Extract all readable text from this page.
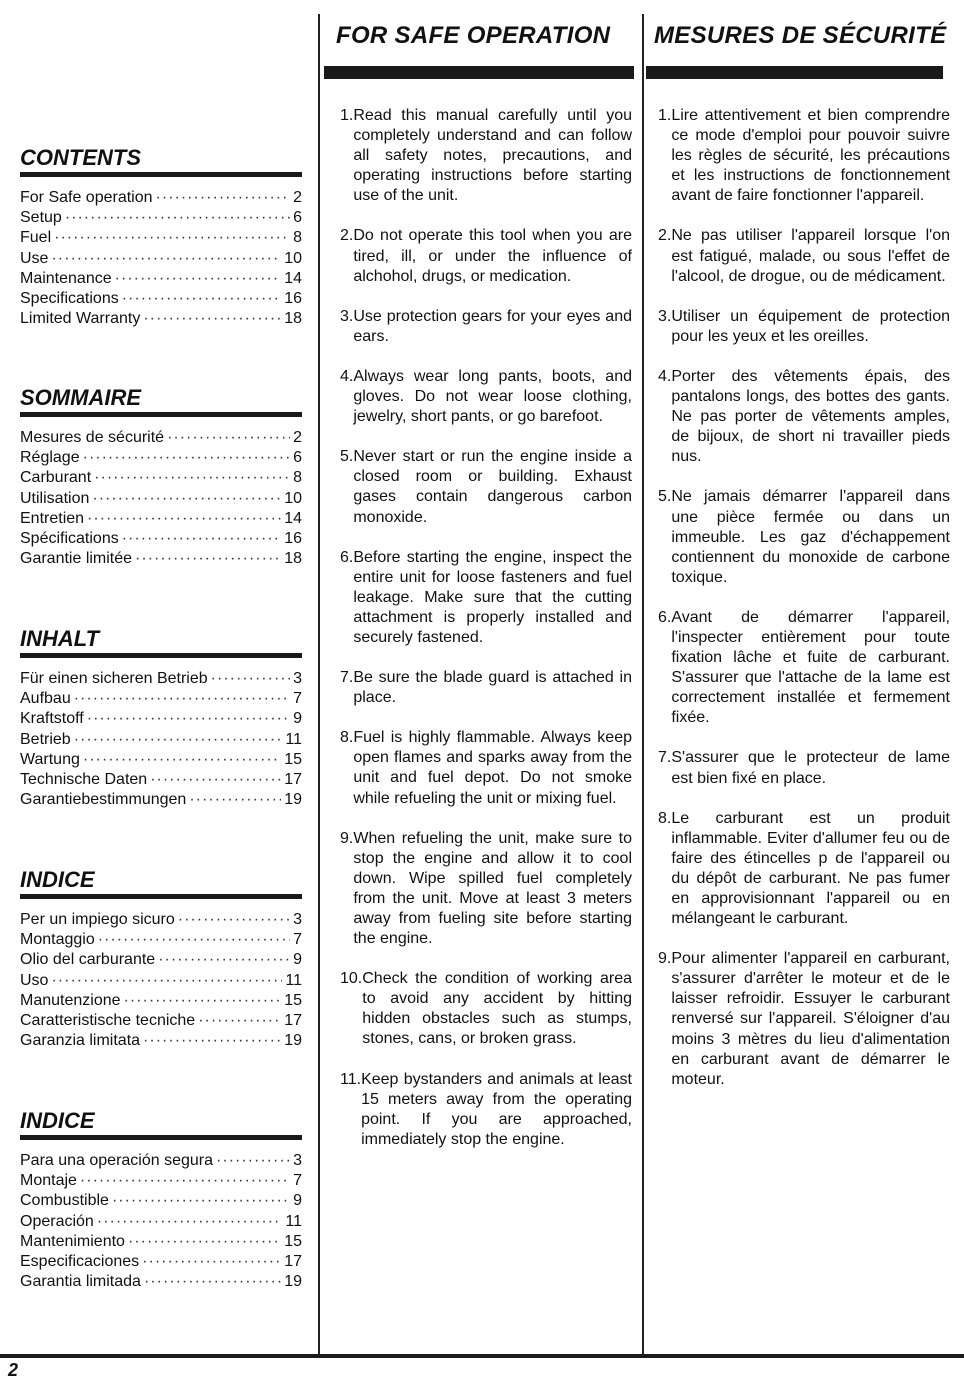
FOR SAFE OPERATION MESURES DE SÉCURITÉ
CONTENTS
For Safe operation ·····	2
Setup ·····	6
Fuel ·····	8
Use ·····	10
Maintenance ·····	14
Specifications ·····	16
Limited Warranty ·····	18
SOMMAIRE
Mesures de sécurité ·····	2
Réglage ·····	6
Carburant ·····	8
Utilisation ·····	10
Entretien ·····	14
Spécifications ·····	16
Garantie limitée ·····	18
INHALT
Für einen sicheren Betrieb ·····	3
Aufbau ·····	7
Kraftstoff ·····	9
Betrieb ·····	11
Wartung ·····	15
Technische Daten ·····	17
Garantiebestimmungen ·····	19
INDICE
Per un impiego sicuro ·····	3
Montaggio ·····	7
Olio del carburante ·····	9
Uso ·····	11
Manutenzione ·····	15
Caratteristische tecniche ·····	17
Garanzia limitata ·····	19
INDICE
Para una operación segura ·····	3
Montaje ·····	7
Combustible ·····	9
Operación ·····	11
Mantenimiento ·····	15
Especificaciones ·····	17
Garantia limitada ·····	19
1. Read this manual carefully until you completely understand and can follow all safety notes, precautions, and operating instructions before starting use of the unit.
2. Do not operate this tool when you are tired, ill, or under the influence of alchohol, drugs, or medication.
3. Use protection gears for your eyes and ears.
4. Always wear long pants, boots, and gloves. Do not wear loose clothing, jewelry, short pants, or go barefoot.
5. Never start or run the engine inside a closed room or building. Exhaust gases contain dangerous carbon monoxide.
6. Before starting the engine, inspect the entire unit for loose fasteners and fuel leakage. Make sure that the cutting attachment is properly installed and securely fastened.
7. Be sure the blade guard is attached in place.
8. Fuel is highly flammable. Always keep open flames and sparks away from the unit and fuel depot. Do not smoke while refueling the unit or mixing fuel.
9. When refueling the unit, make sure to stop the engine and allow it to cool down. Wipe spilled fuel completely from the unit. Move at least 3 meters away from fueling site before starting the engine.
10. Check the condition of working area to avoid any accident by hitting hidden obstacles such as stumps, stones, cans, or broken grass.
11. Keep bystanders and animals at least 15 meters away from the operating point. If you are approached, immediately stop the engine.
1. Lire attentivement et bien comprendre ce mode d'emploi pour pouvoir suivre les règles de sécurité, les précautions et les instructions de fonctionnement avant de faire fonctionner l'appareil.
2. Ne pas utiliser l'appareil lorsque l'on est fatigué, malade, ou sous l'effet de l'alcool, de drogue, ou de médicament.
3. Utiliser un équipement de protection pour les yeux et les oreilles.
4. Porter des vêtements épais, des pantalons longs, des bottes des gants. Ne pas porter de vêtements amples, de bijoux, de short ni travailler pieds nus.
5. Ne jamais démarrer l'appareil dans une pièce fermée ou dans un immeuble. Les gaz d'échappement contiennent du monoxide de carbone toxique.
6. Avant de démarrer l'appareil, l'inspecter entièrement pour toute fixation lâche et fuite de carburant. S'assurer que l'attache de la lame est correctement installée et fermement fixée.
7. S'assurer que le protecteur de lame est bien fixé en place.
8. Le carburant est un produit inflammable. Eviter d'allumer feu ou de faire des étincelles p de l'appareil ou du dépôt de carburant. Ne pas fumer en approvisionnant l'appareil ou en mélangeant le carburant.
9. Pour alimenter l'appareil en carburant, s'assurer d'arrêter le moteur et de le laisser refroidir. Essuyer le carburant renversé sur l'appareil. S'éloigner d'au moins 3 mètres du lieu d'alimentation en carburant avant de démarrer le moteur.
2
